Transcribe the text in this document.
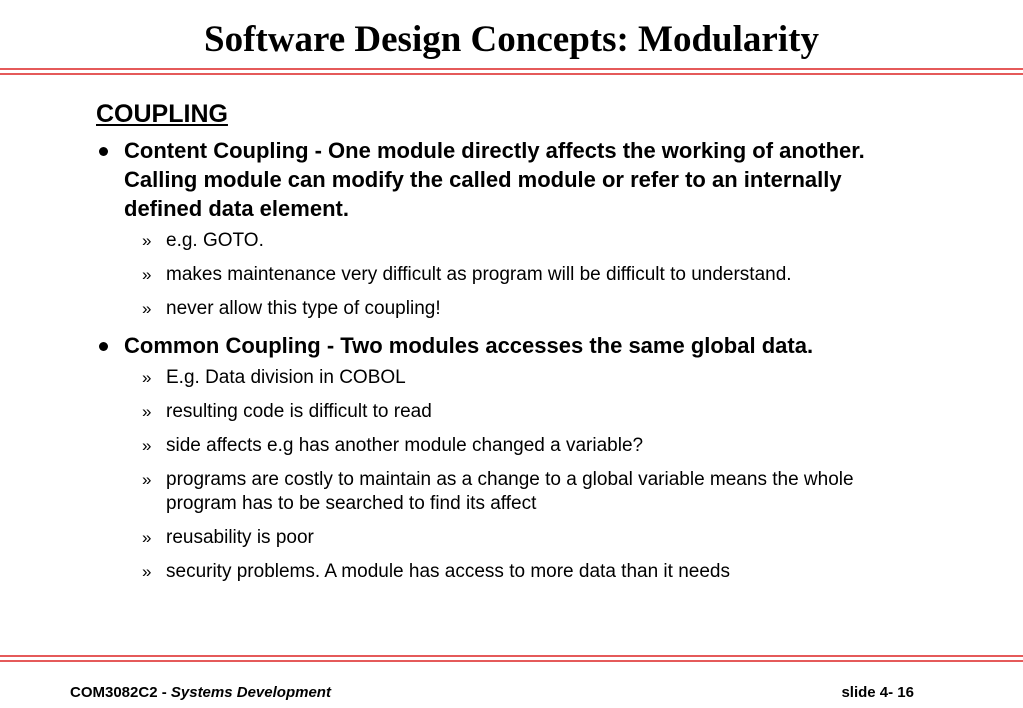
Software Design Concepts: Modularity
COUPLING
Content Coupling - One module directly affects the working of another. Calling module can modify the called module or refer to an internally defined data element.
» e.g. GOTO.
» makes maintenance very difficult as program will be difficult to understand.
» never allow this type of coupling!
Common Coupling - Two modules accesses the same global data.
» E.g. Data division in COBOL
» resulting code is difficult to read
» side affects e.g has another module changed a variable?
» programs are costly to maintain as a change to a global variable means the whole program has to be searched to find its affect
» reusability is poor
» security problems. A module has access to more data than it needs
COM3082C2 - Systems Development	slide 4- 16
